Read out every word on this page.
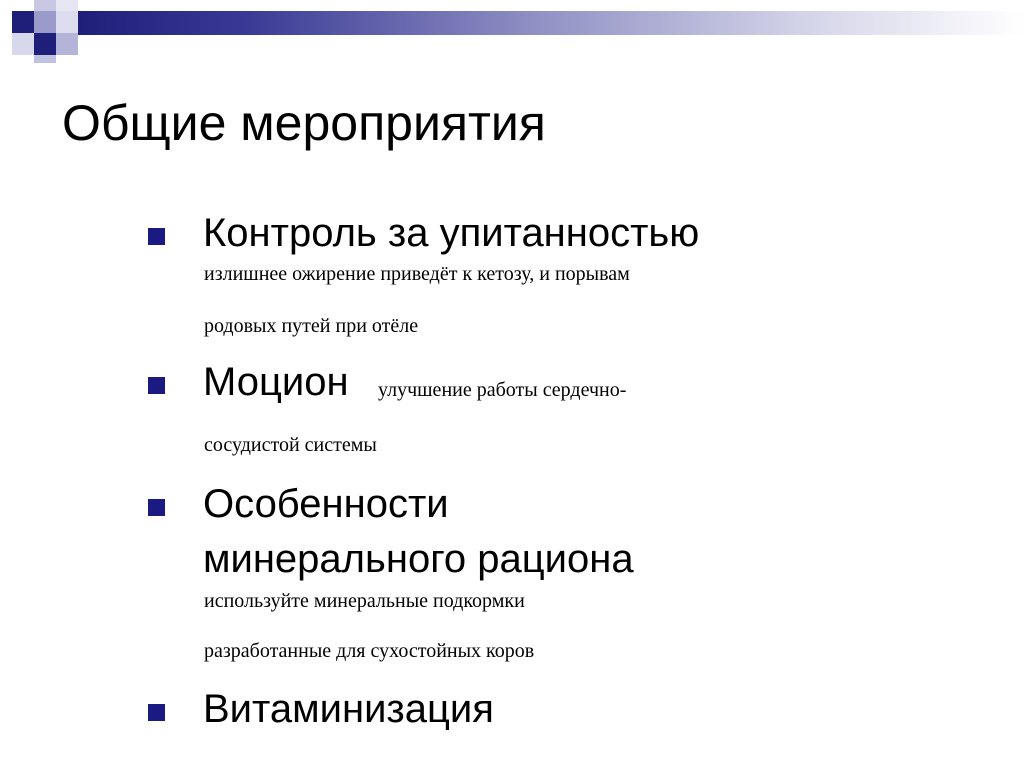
Общие мероприятия
Контроль за упитанностью
излишнее ожирение приведёт к кетозу, и порывам
родовых путей при отёле
Моцион улучшение работы сердечно-
сосудистой системы
Особенности
минерального рациона
используйте минеральные подкормки
разработанные для сухостойных коров
Витаминизация
